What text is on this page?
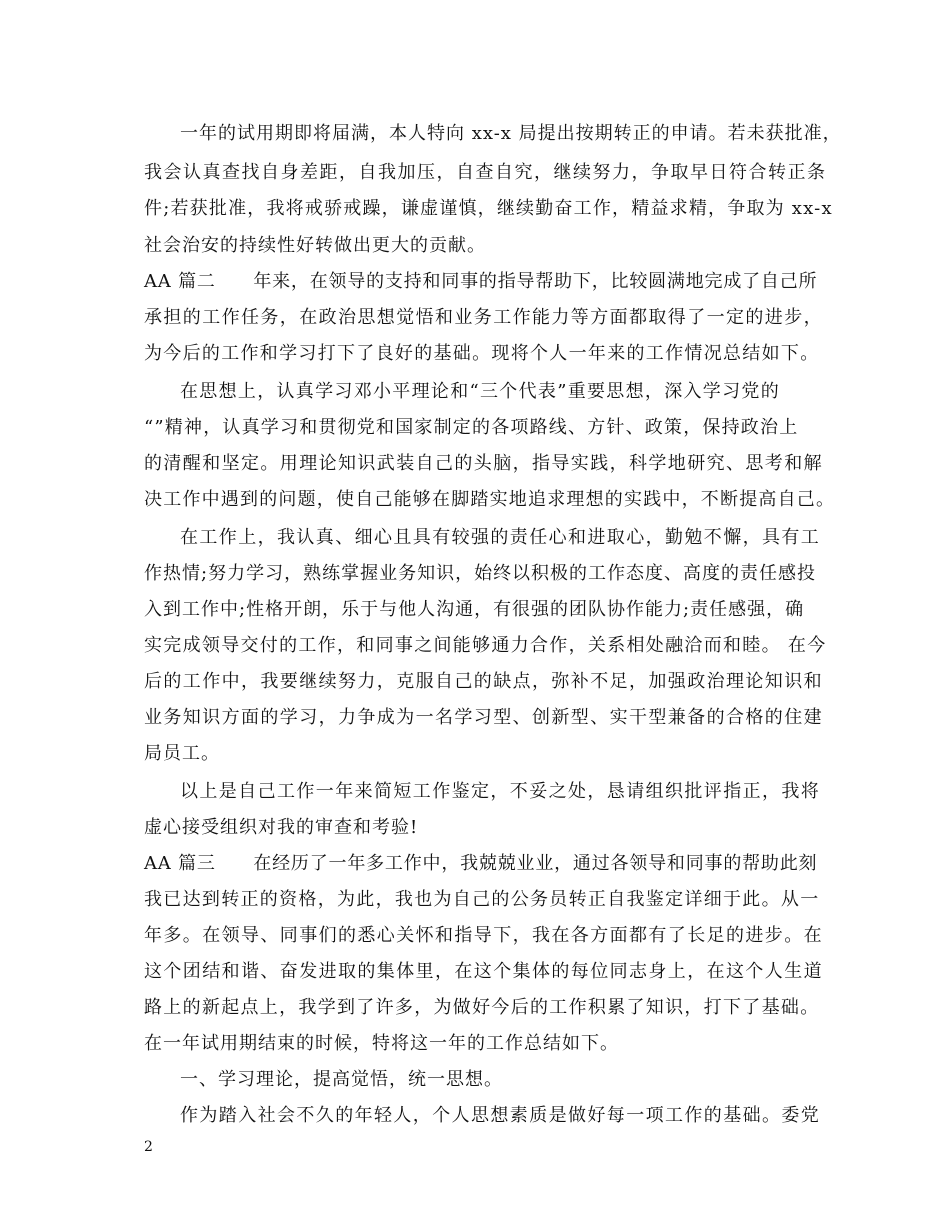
一年的试用期即将届满，本人特向 xx-x 局提出按期转正的申请。若未获批准，
我会认真查找自身差距，自我加压，自查自究，继续努力，争取早日符合转正条
件;若获批准，我将戒骄戒躁，谦虚谨慎，继续勤奋工作，精益求精，争取为 xx-x
社会治安的持续性好转做出更大的贡献。
AA 篇二　　年来，在领导的支持和同事的指导帮助下，比较圆满地完成了自己所
承担的工作任务，在政治思想觉悟和业务工作能力等方面都取得了一定的进步，
为今后的工作和学习打下了良好的基础。现将个人一年来的工作情况总结如下。
在思想上，认真学习邓小平理论和“三个代表”重要思想，深入学习党的
“”精神，认真学习和贯彻党和国家制定的各项路线、方针、政策，保持政治上
的清醒和坚定。用理论知识武装自己的头脑，指导实践，科学地研究、思考和解
决工作中遇到的问题，使自己能够在脚踏实地追求理想的实践中，不断提高自己。
在工作上，我认真、细心且具有较强的责任心和进取心，勤勉不懈，具有工
作热情;努力学习，熟练掌握业务知识，始终以积极的工作态度、高度的责任感投
入到工作中;性格开朗，乐于与他人沟通，有很强的团队协作能力;责任感强，确
实完成领导交付的工作，和同事之间能够通力合作，关系相处融洽而和睦。 在今
后的工作中，我要继续努力，克服自己的缺点，弥补不足，加强政治理论知识和
业务知识方面的学习，力争成为一名学习型、创新型、实干型兼备的合格的住建
局员工。
以上是自己工作一年来简短工作鉴定，不妥之处，恳请组织批评指正，我将
虚心接受组织对我的审查和考验!
AA 篇三　　在经历了一年多工作中，我兢兢业业，通过各领导和同事的帮助此刻
我已达到转正的资格，为此，我也为自己的公务员转正自我鉴定详细于此。从一
年多。在领导、同事们的悉心关怀和指导下，我在各方面都有了长足的进步。在
这个团结和谐、奋发进取的集体里，在这个集体的每位同志身上，在这个人生道
路上的新起点上，我学到了许多，为做好今后的工作积累了知识，打下了基础。
在一年试用期结束的时候，特将这一年的工作总结如下。
一、学习理论，提高觉悟，统一思想。
作为踏入社会不久的年轻人，个人思想素质是做好每一项工作的基础。委党
2
